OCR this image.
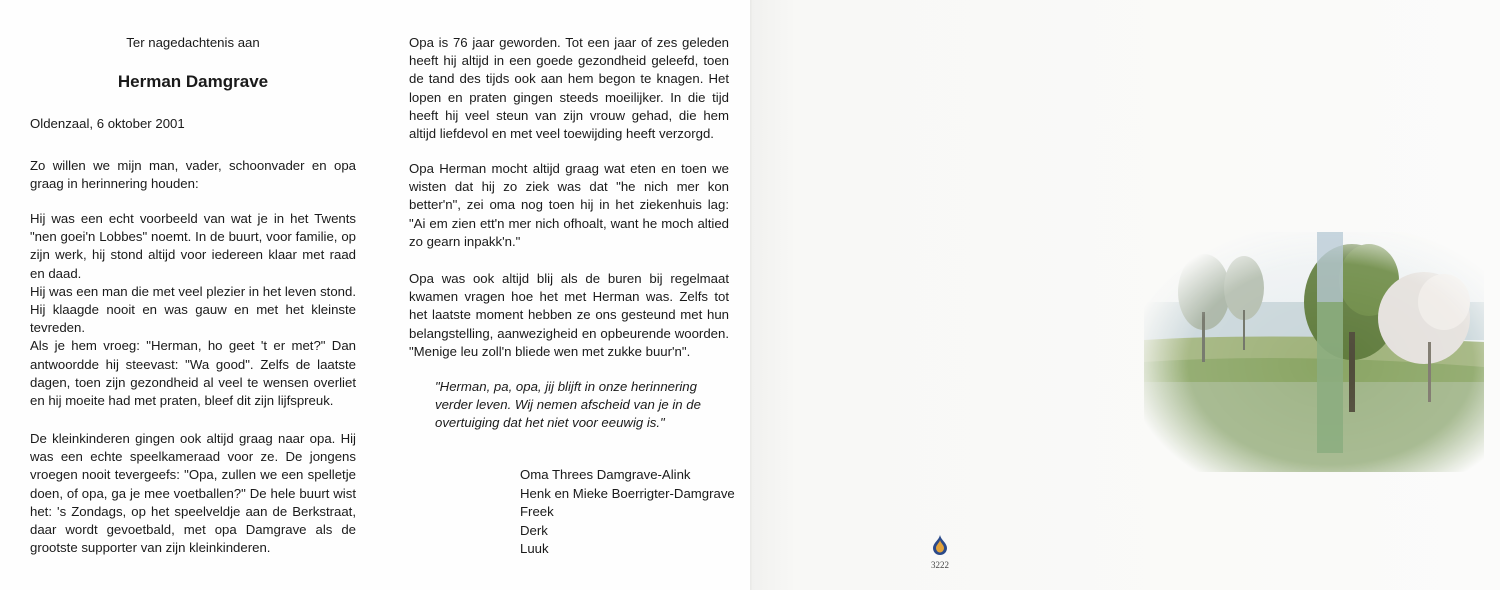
Ter nagedachtenis aan
Herman Damgrave
Oldenzaal, 6 oktober 2001

Zo willen we mijn man, vader, schoonvader en opa graag in herinnering houden:

Hij was een echt voorbeeld van wat je in het Twents "nen goei'n Lobbes" noemt. In de buurt, voor familie, op zijn werk, hij stond altijd voor iedereen klaar met raad en daad.
Hij was een man die met veel plezier in het leven stond. Hij klaagde nooit en was gauw en met het kleinste tevreden.
Als je hem vroeg: "Herman, ho geet 't er met?" Dan antwoordde hij steevast: "Wa good". Zelfs de laatste dagen, toen zijn gezondheid al veel te wensen overliet en hij moeite had met praten, bleef dit zijn lijfspreuk.

De kleinkinderen gingen ook altijd graag naar opa. Hij was een echte speelkameraad voor ze. De jongens vroegen nooit tevergeefs: "Opa, zullen we een spelletje doen, of opa, ga je mee voetballen?" De hele buurt wist het: 's Zondags, op het speelveldje aan de Berkstraat, daar wordt gevoetbald, met opa Damgrave als de grootste supporter van zijn kleinkinderen.

Opa is 76 jaar geworden. Tot een jaar of zes geleden heeft hij altijd in een goede gezondheid geleefd, toen de tand des tijds ook aan hem begon te knagen. Het lopen en praten gingen steeds moeilijker. In die tijd heeft hij veel steun van zijn vrouw gehad, die hem altijd liefdevol en met veel toewijding heeft verzorgd.

Opa Herman mocht altijd graag wat eten en toen we wisten dat hij zo ziek was dat "he nich mer kon better'n", zei oma nog toen hij in het ziekenhuis lag: "Ai em zien ett'n mer nich ofhoalt, want he moch altied zo gearn inpakk'n."

Opa was ook altijd blij als de buren bij regelmaat kwamen vragen hoe het met Herman was. Zelfs tot het laatste moment hebben ze ons gesteund met hun belangstelling, aanwezigheid en opbeurende woorden. "Menige leu zoll'n bliede wen met zukke buur'n".

"Herman, pa, opa, jij blijft in onze herinnering
verder leven. Wij nemen afscheid van je in de
overtuiging dat het niet voor eeuwig is."

Oma Threes Damgrave-Alink
Henk en Mieke Boerrigter-Damgrave
Freek
Derk
Luuk
3222
